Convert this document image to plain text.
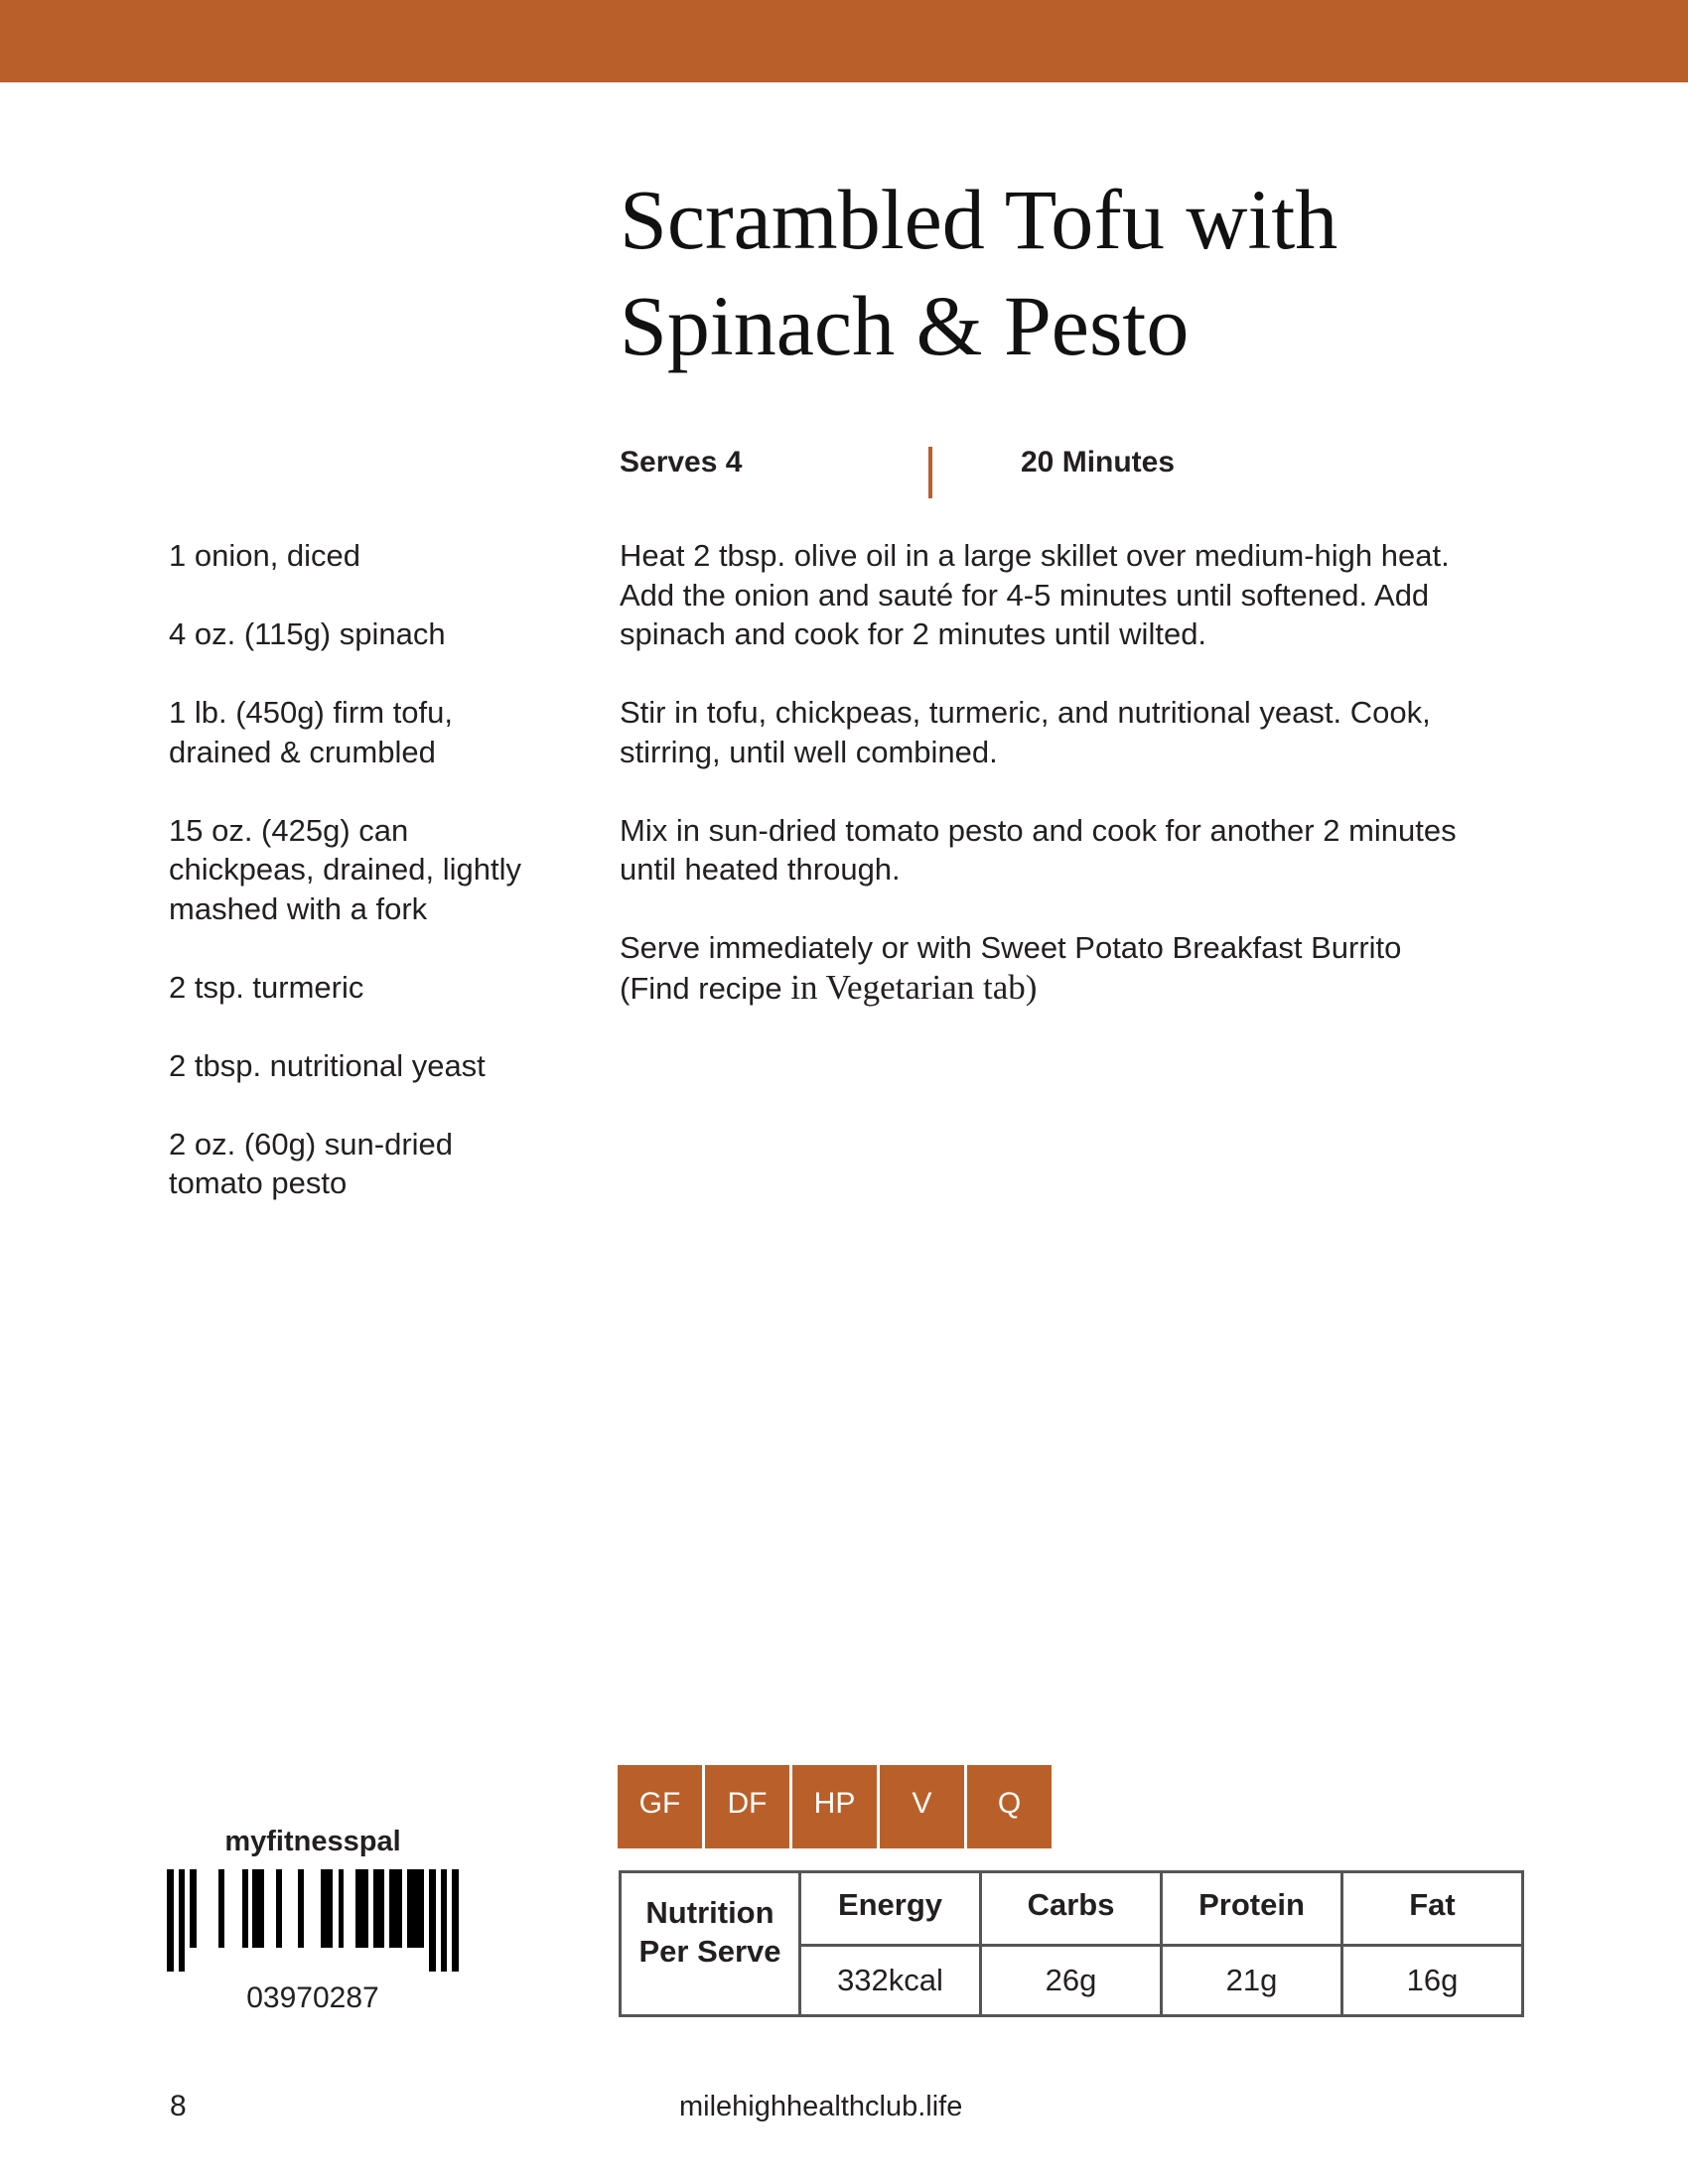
Scrambled Tofu with
Spinach & Pesto
Serves 4	20 Minutes
1 onion, diced
4 oz. (115g) spinach
1 lb. (450g) firm tofu,
drained & crumbled
15 oz. (425g) can
chickpeas, drained, lightly
mashed with a fork
2 tsp. turmeric
2 tbsp. nutritional yeast
2 oz. (60g) sun-dried
tomato pesto

Heat 2 tbsp. olive oil in a large skillet over medium-high heat.
Add the onion and sauté for 4-5 minutes until softened. Add
spinach and cook for 2 minutes until wilted.

Stir in tofu, chickpeas, turmeric, and nutritional yeast. Cook,
stirring, until well combined.

Mix in sun-dried tomato pesto and cook for another 2 minutes
until heated through.

Serve immediately or with Sweet Potato Breakfast Burrito
(Find recipe in Vegetarian tab)

GF	DF	HP	V	Q
Nutrition
Per Serve	Energy	Carbs	Protein	Fat
	332kcal	26g	21g	16g
myfitnesspal
03970287
8	milehighhealthclub.life
